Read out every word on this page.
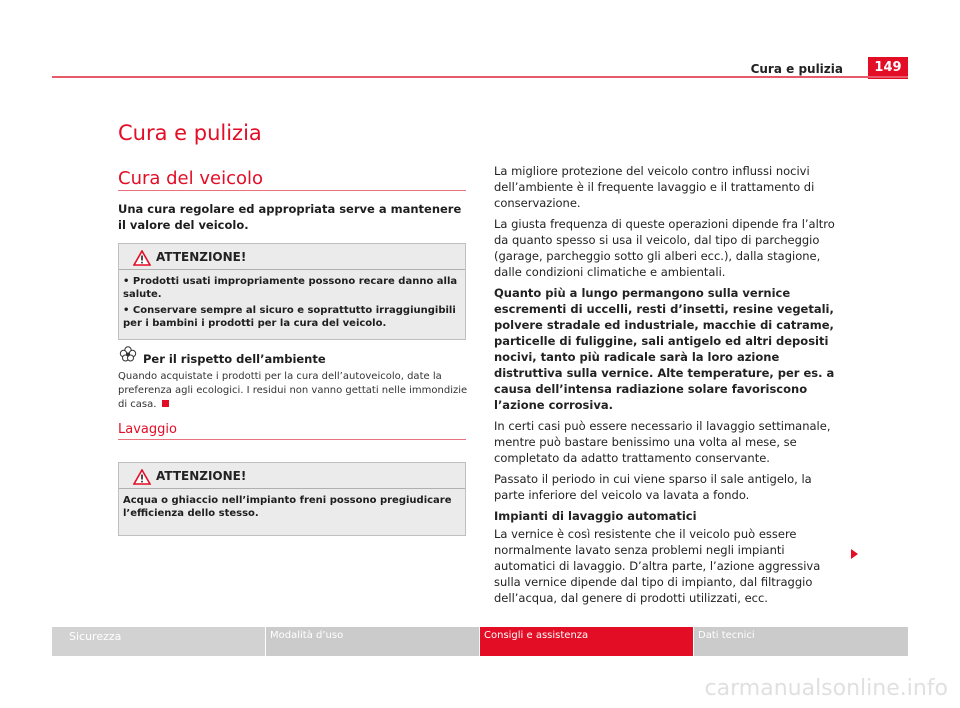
Cura e pulizia	149
Cura e pulizia
Cura del veicolo
Una cura regolare ed appropriata serve a mantenere il valore del veicolo.
ATTENZIONE!

• Prodotti usati impropriamente possono recare danno alla salute.

• Conservare sempre al sicuro e soprattutto irraggiungibili per i bambini i prodotti per la cura del veicolo.

Per il rispetto dell’ambiente
Quando acquistate i prodotti per la cura dell’autoveicolo, date la preferenza agli ecologici. I residui non vanno gettati nelle immondizie di casa.
Lavaggio
ATTENZIONE!

Acqua o ghiaccio nell’impianto freni possono pregiudicare l’efficienza dello stesso.

La migliore protezione del veicolo contro influssi nocivi dell’ambiente è il frequente lavaggio e il trattamento di conservazione.

La giusta frequenza di queste operazioni dipende fra l’altro da quanto spesso si usa il veicolo, dal tipo di parcheggio (garage, parcheggio sotto gli alberi ecc.), dalla stagione, dalle condizioni climatiche e ambientali.

Quanto più a lungo permangono sulla vernice escrementi di uccelli, resti d’insetti, resine vegetali, polvere stradale ed industriale, macchie di catrame, particelle di fuliggine, sali antigelo ed altri depositi nocivi, tanto più radicale sarà la loro azione distruttiva sulla vernice. Alte temperature, per es. a causa dell’intensa radiazione solare favoriscono l’azione corrosiva.

In certi casi può essere necessario il lavaggio settimanale, mentre può bastare benissimo una volta al mese, se completato da adatto trattamento conservante.

Passato il periodo in cui viene sparso il sale antigelo, la parte inferiore del veicolo va lavata a fondo.

Impianti di lavaggio automatici

La vernice è così resistente che il veicolo può essere normalmente lavato senza problemi negli impianti automatici di lavaggio. D’altra parte, l’azione aggressiva sulla vernice dipende dal tipo di impianto, dal filtraggio dell’acqua, dal genere di prodotti utilizzati, ecc.

Sicurezza	Modalità d’uso	Consigli e assistenza	Dati tecnici
carmanualsonline.info
